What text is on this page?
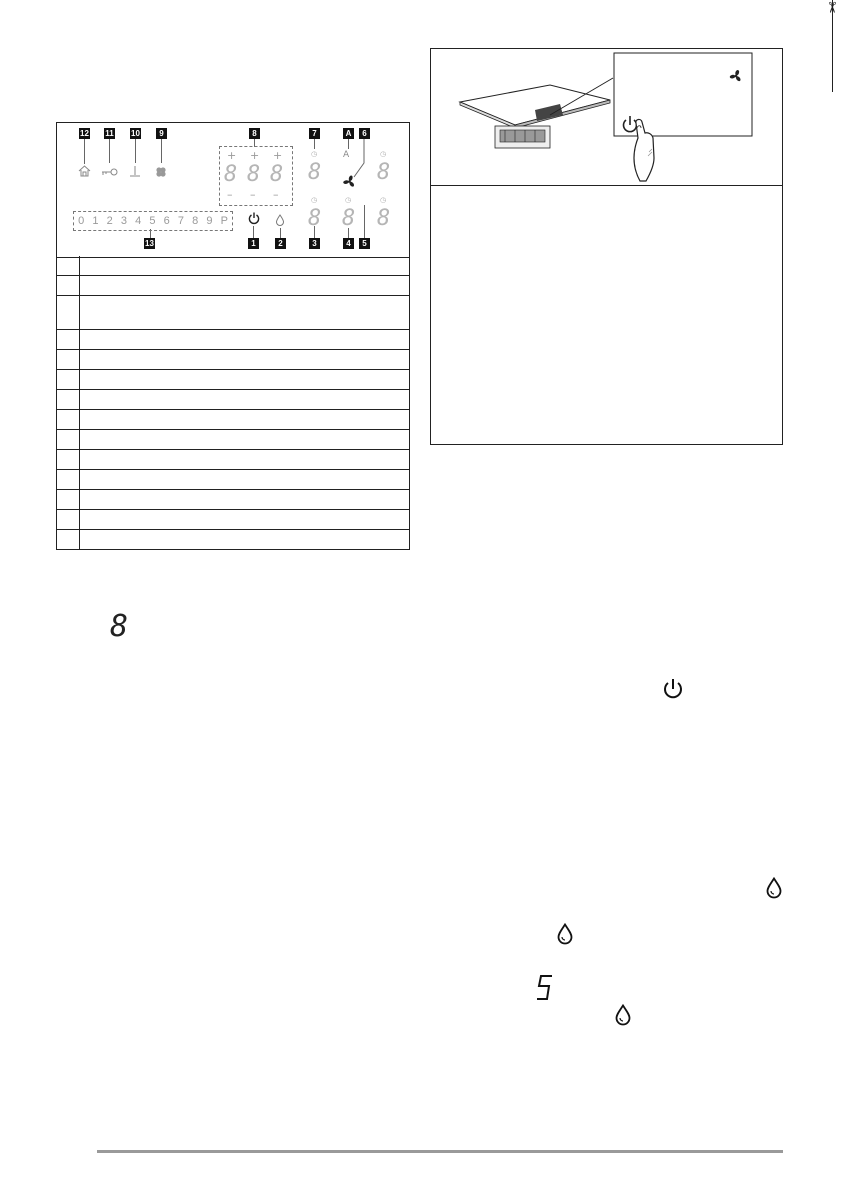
✂
12 11 10	9	8	7	A	6
13	1	2	3	4	5
+ + +
8 8 8
– – –
◷
8
A	◷
8
◷
8
◷
8
◷
8
0 1 2 3 4 5 6 7 8 9 P
8
